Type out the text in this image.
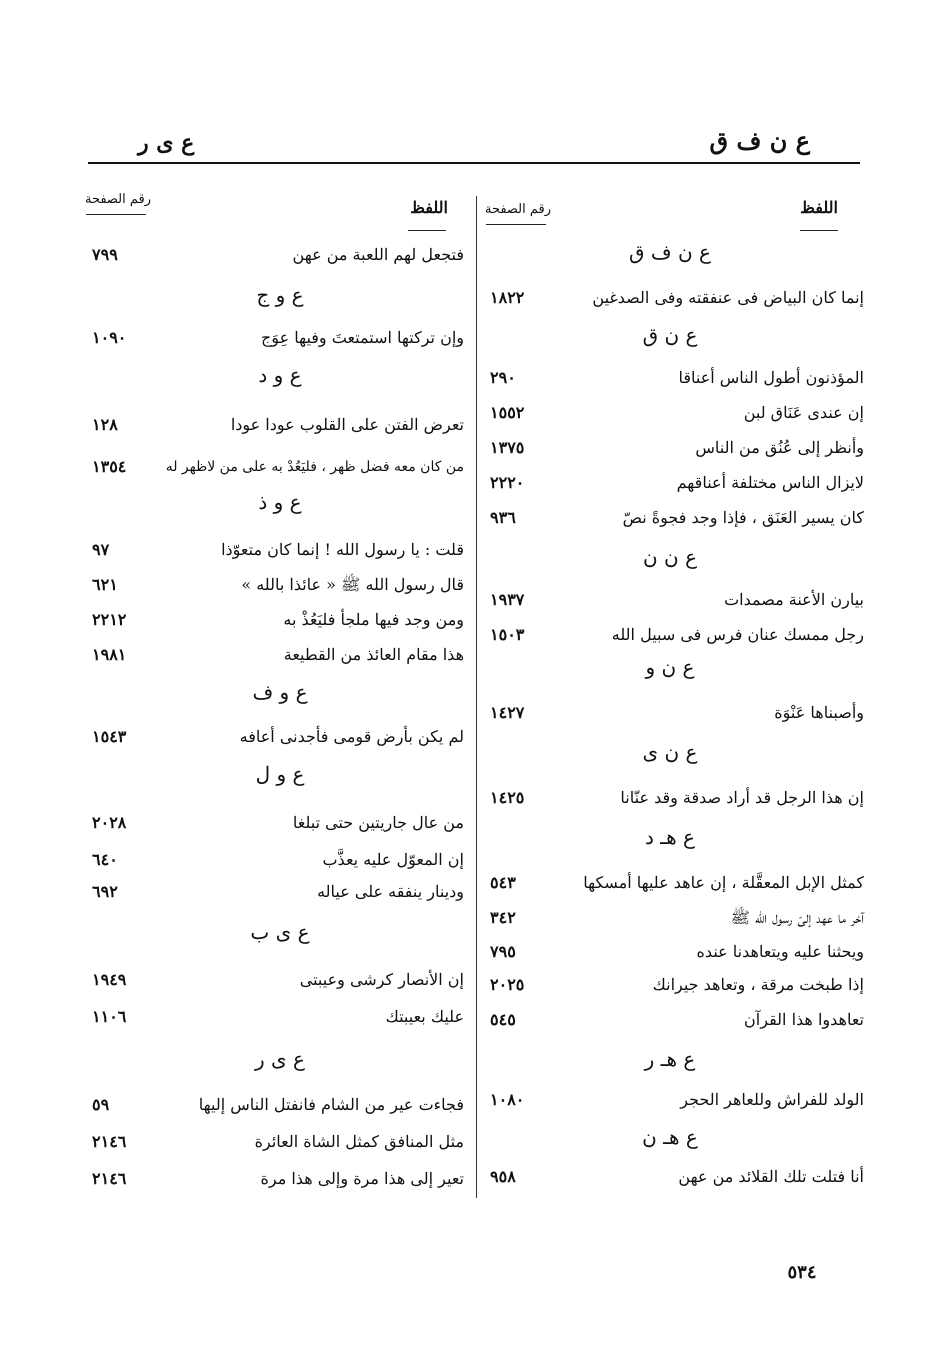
ع ن ف ق
ع ى ر
اللفظ
رقم الصفحة
اللفظ
رقم الصفحة
ع ن ف ق
إنما كان البياض فى عنفقته وفى الصدغين
١٨٢٢
ع ن ق
المؤذنون أطول الناس أعناقا
٢٩٠
إن عندى عَنَاق لبن
١٥٥٢
وأنظر إلى عُنُق من الناس
١٣٧٥
لايزال الناس مختلفة أعناقهم
٢٢٢٠
كان يسير العَنَق ، فإذا وجد فجوةً نصّ
٩٣٦
ع ن ن
بيارن الأعنة مصمدات
١٩٣٧
رجل ممسك عنان فرس فى سبيل الله
١٥٠٣
ع ن و
وأصبناها عَنْوَة
١٤٢٧
ع ن ى
إن هذا الرجل قد أراد صدقة وقد عنّانا
١٤٢٥
ع هـ د
كمثل الإبل المعقَّلة ، إن عاهد عليها أمسكها
٥٤٣
آخر ما عهد إلىّ رسول الله ﷺ
٣٤٢
ويحثنا عليه ويتعاهدنا عنده
٧٩٥
إذا طبخت مرقة ، وتعاهد جيرانك
٢٠٢٥
تعاهدوا هذا القرآن
٥٤٥
ع هـ ر
الولد للفراش وللعاهر الحجر
١٠٨٠
ع هـ ن
أنا فتلت تلك القلائد من عهن
٩٥٨
فتجعل لهم اللعبة من عهن
٧٩٩
ع و ج
وإن تركتها استمتعتَ وفيها عِوَج
١٠٩٠
ع و د
تعرض الفتن على القلوب عودا عودا
١٢٨
من كان معه فضل ظهر ، فليَعُدْ به على من لاظهر له
١٣٥٤
ع و ذ
قلت : يا رسول الله ! إنما كان متعوّذا
٩٧
قال رسول الله ﷺ « عائذا بالله »
٦٢١
ومن وجد فيها ملجأ فليَعُذْ به
٢٢١٢
هذا مقام العائذ من القطيعة
١٩٨١
ع و ف
لم يكن بأرض قومى فأجدنى أعافه
١٥٤٣
ع و ل
من عال جاريتين حتى تبلغا
٢٠٢٨
إن المعوّل عليه يعذَّب
٦٤٠
ودينار ينفقه على عياله
٦٩٢
ع ى ب
إن الأنصار كرشى وعيبتى
١٩٤٩
عليك بعيبتك
١١٠٦
ع ى ر
فجاءت عير من الشام فانفتل الناس إليها
٥٩
مثل المنافق كمثل الشاة العائرة
٢١٤٦
تعير إلى هذا مرة وإلى هذا مرة
٢١٤٦
٥٣٤
